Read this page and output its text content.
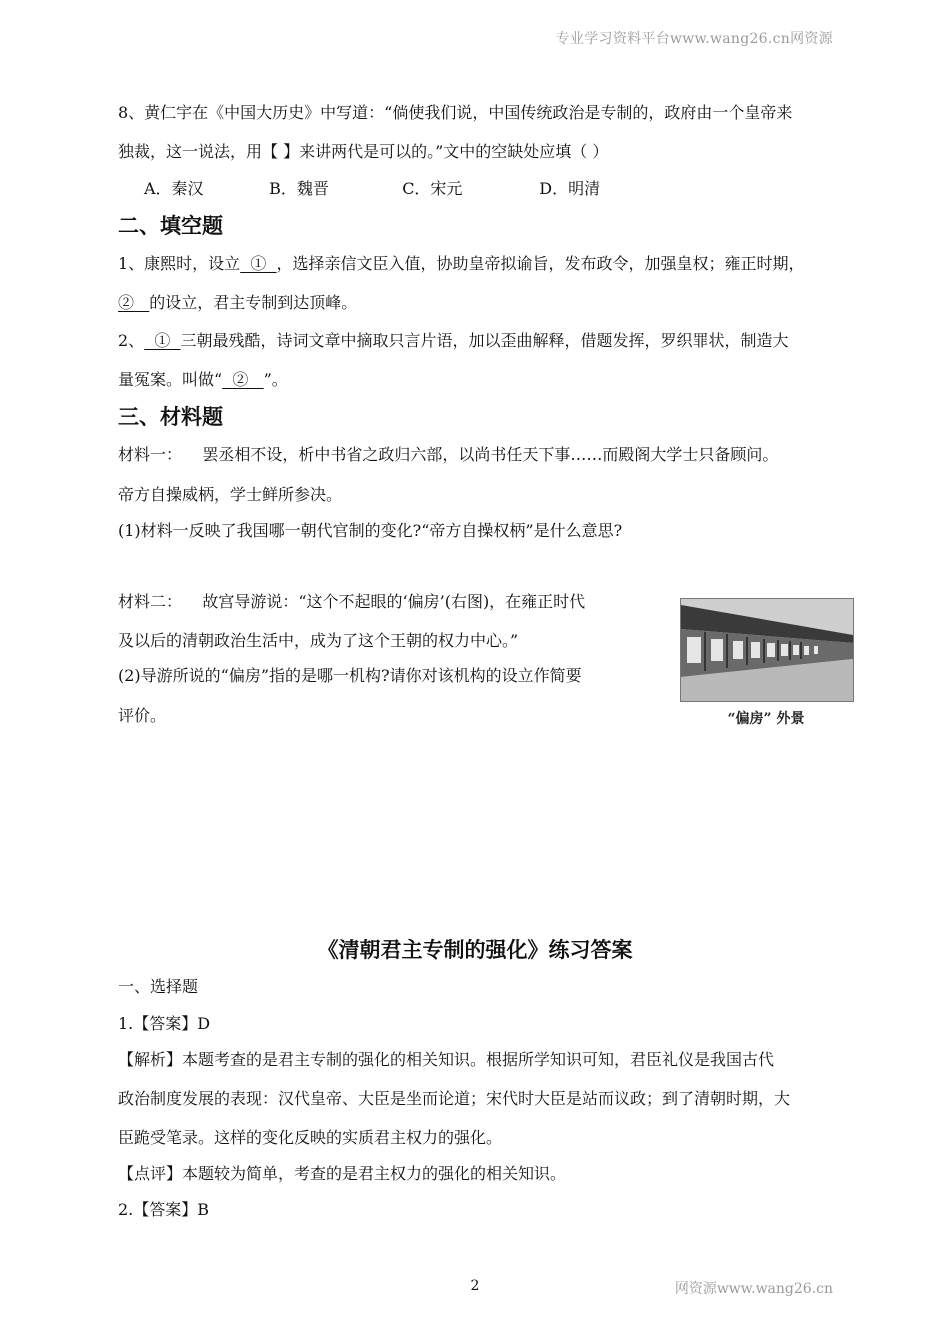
专业学习资料平台www.wang26.cn网资源
8、黄仁宇在《中国大历史》中写道：“倘使我们说，中国传统政治是专制的，政府由一个皇帝来
独裁，这一说法，用【 】来讲两代是可以的。”文中的空缺处应填（ ）
A．秦汉	B．魏晋	C．宋元	D．明清
二、填空题
1、康熙时，设立  ①  ，选择亲信文臣入值，协助皇帝拟谕旨，发布政令，加强皇权；雍正时期，
②   的设立，君主专制到达顶峰。
2、  ①  三朝最残酷，诗词文章中摘取只言片语，加以歪曲解释，借题发挥，罗织罪状，制造大
量冤案。叫做“  ②   ”。
三、材料题
材料一：    罢丞相不设，析中书省之政归六部，以尚书任天下事……而殿阁大学士只备顾问。
帝方自操威柄，学士鲜所参决。
(1)材料一反映了我国哪一朝代官制的变化?“帝方自操权柄”是什么意思?
材料二：    故宫导游说：“这个不起眼的‘偏房’(右图)，在雍正时代
及以后的清朝政治生活中，成为了这个王朝的权力中心。”
(2)导游所说的“偏房”指的是哪一机构?请你对该机构的设立作简要
评价。
一、选择题
1.【答案】D
【解析】本题考查的是君主专制的强化的相关知识。根据所学知识可知，君臣礼仪是我国古代
政治制度发展的表现：汉代皇帝、大臣是坐而论道；宋代时大臣是站而议政；到了清朝时期，大
臣跪受笔录。这样的变化反映的实质君主权力的强化。
【点评】本题较为简单，考查的是君主权力的强化的相关知识。
2.【答案】B
“偏房” 外景
《清朝君主专制的强化》练习答案
2	网资源www.wang26.cn
